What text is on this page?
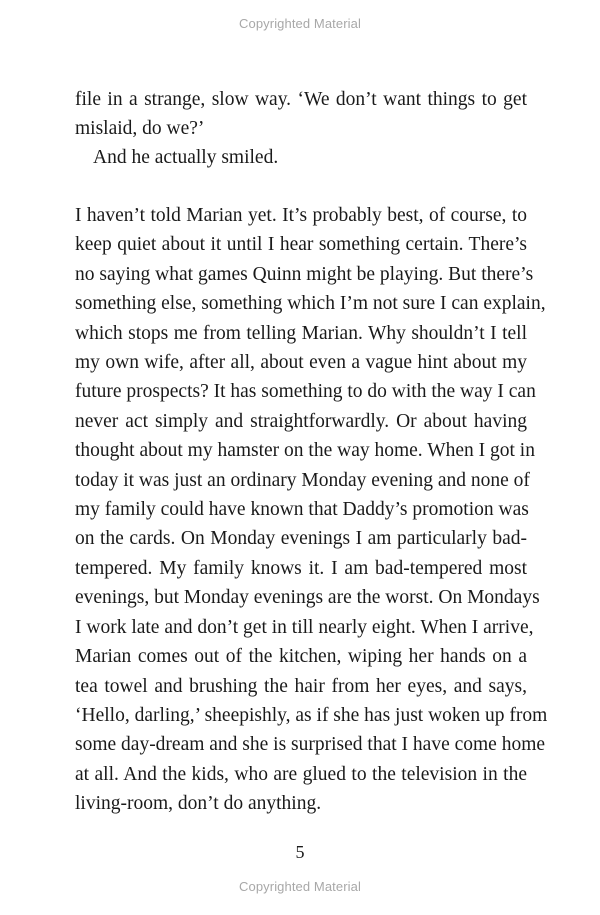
Copyrighted Material
file in a strange, slow way. ‘We don’t want things to get
mislaid, do we?’
And he actually smiled.
I haven’t told Marian yet. It’s probably best, of course, to
keep quiet about it until I hear something certain. There’s
no saying what games Quinn might be playing. But there’s
something else, something which I’m not sure I can explain,
which stops me from telling Marian. Why shouldn’t I tell
my own wife, after all, about even a vague hint about my
future prospects? It has something to do with the way I can
never act simply and straightforwardly. Or about having
thought about my hamster on the way home. When I got in
today it was just an ordinary Monday evening and none of
my family could have known that Daddy’s promotion was
on the cards. On Monday evenings I am particularly bad-
tempered. My family knows it. I am bad-tempered most
evenings, but Monday evenings are the worst. On Mondays
I work late and don’t get in till nearly eight. When I arrive,
Marian comes out of the kitchen, wiping her hands on a
tea towel and brushing the hair from her eyes, and says,
‘Hello, darling,’ sheepishly, as if she has just woken up from
some day-dream and she is surprised that I have come home
at all. And the kids, who are glued to the television in the
living-room, don’t do anything.
5
Copyrighted Material
